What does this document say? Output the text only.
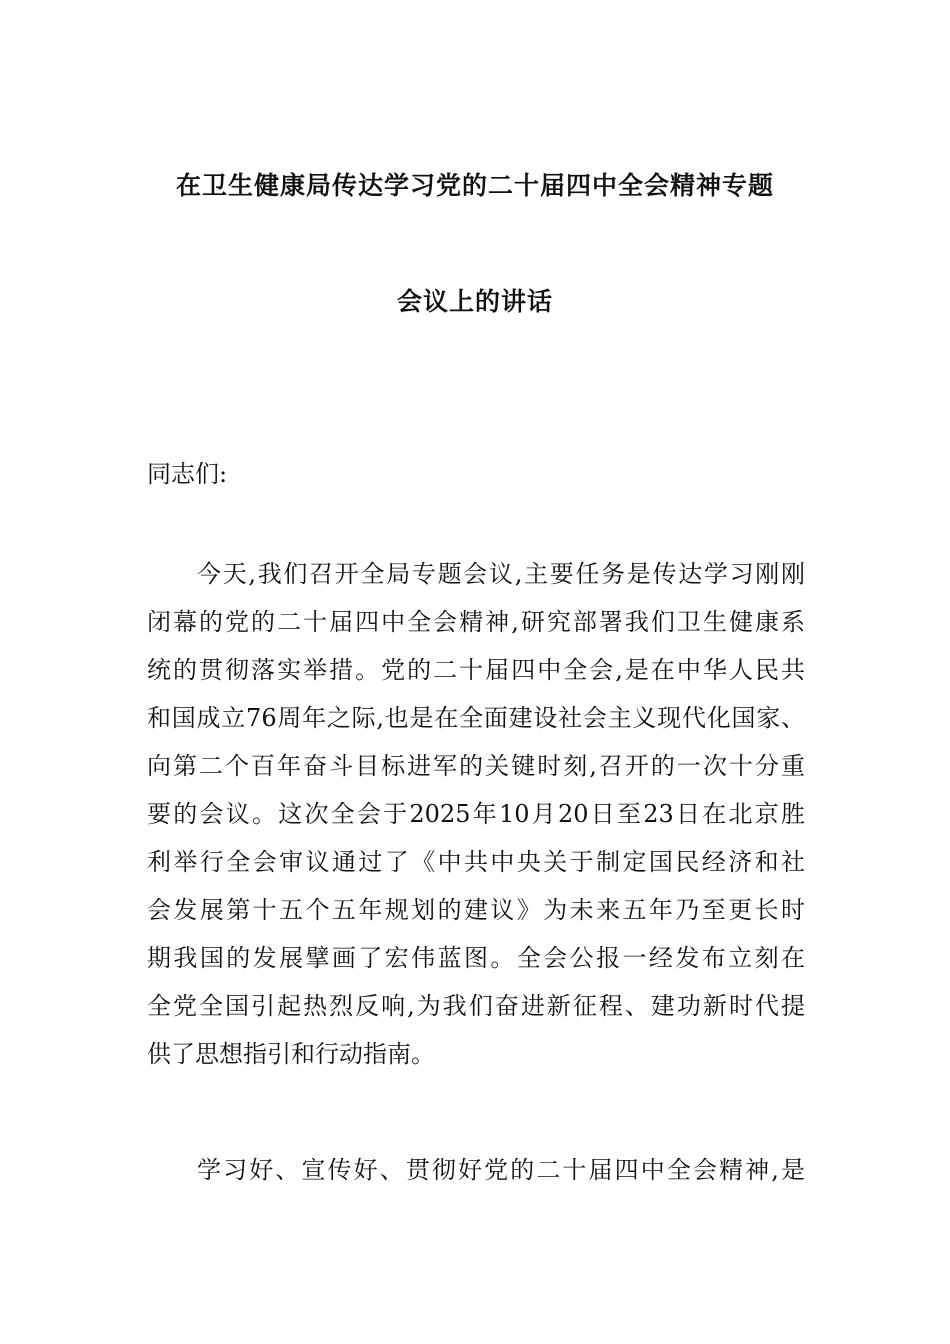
在卫生健康局传达学习党的二十届四中全会精神专题
会议上的讲话
同志们:
今天,我们召开全局专题会议,主要任务是传达学习刚刚
闭幕的党的二十届四中全会精神,研究部署我们卫生健康系
统的贯彻落实举措。党的二十届四中全会,是在中华人民共
和国成立76周年之际,也是在全面建设社会主义现代化国家、
向第二个百年奋斗目标进军的关键时刻,召开的一次十分重
要的会议。这次全会于2025年10月20日至23日在北京胜
利举行全会审议通过了《中共中央关于制定国民经济和社
会发展第十五个五年规划的建议》为未来五年乃至更长时
期我国的发展擘画了宏伟蓝图。全会公报一经发布立刻在
全党全国引起热烈反响,为我们奋进新征程、建功新时代提
供了思想指引和行动指南。
学习好、宣传好、贯彻好党的二十届四中全会精神,是
